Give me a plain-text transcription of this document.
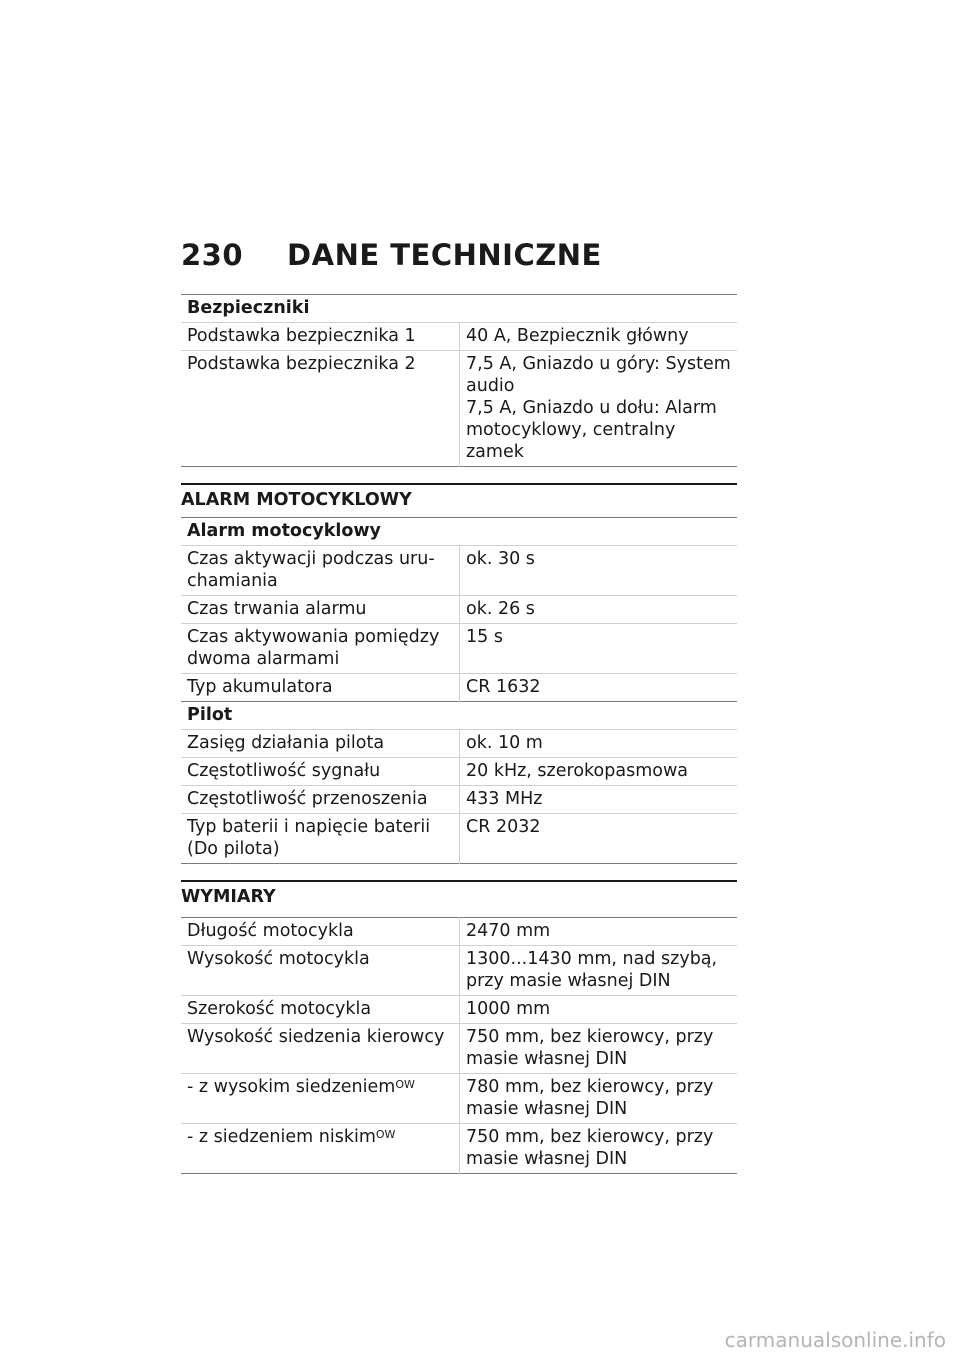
230 DANE TECHNICZNE
Bezpieczniki	
Podstawka bezpiecznika 1	40 A, Bezpiecznik główny

Podstawka bezpiecznika 2	7,5 A, Gniazdo u góry: System audio
7,5 A, Gniazdo u dołu: Alarm motocyklowy, centralny zamek
ALARM MOTOCYKLOWY
Alarm motocyklowy	
Czas aktywacji podczas uruchamiania	ok. 30 s
Czas trwania alarmu	ok. 26 s
Czas aktywowania pomiędzy dwoma alarmami	15 s
Typ akumulatora	CR 1632
Pilot	
Zasięg działania pilota	ok. 10 m
Częstotliwość sygnału	20 kHz, szerokopasmowa
Częstotliwość przenoszenia	433 MHz
Typ baterii i napięcie baterii (Do pilota)	CR 2032
WYMIARY
Długość motocykla	2470 mm
Wysokość motocykla	1300...1430 mm, nad szybą, przy masie własnej DIN
Szerokość motocykla	1000 mm
Wysokość siedzenia kierowcy	750 mm, bez kierowcy, przy masie własnej DIN
- z wysokim siedzeniem$^{OW}$	780 mm, bez kierowcy, przy masie własnej DIN
- z siedzeniem niskim$^{OW}$	750 mm, bez kierowcy, przy masie własnej DIN
carmanualsonline.info
